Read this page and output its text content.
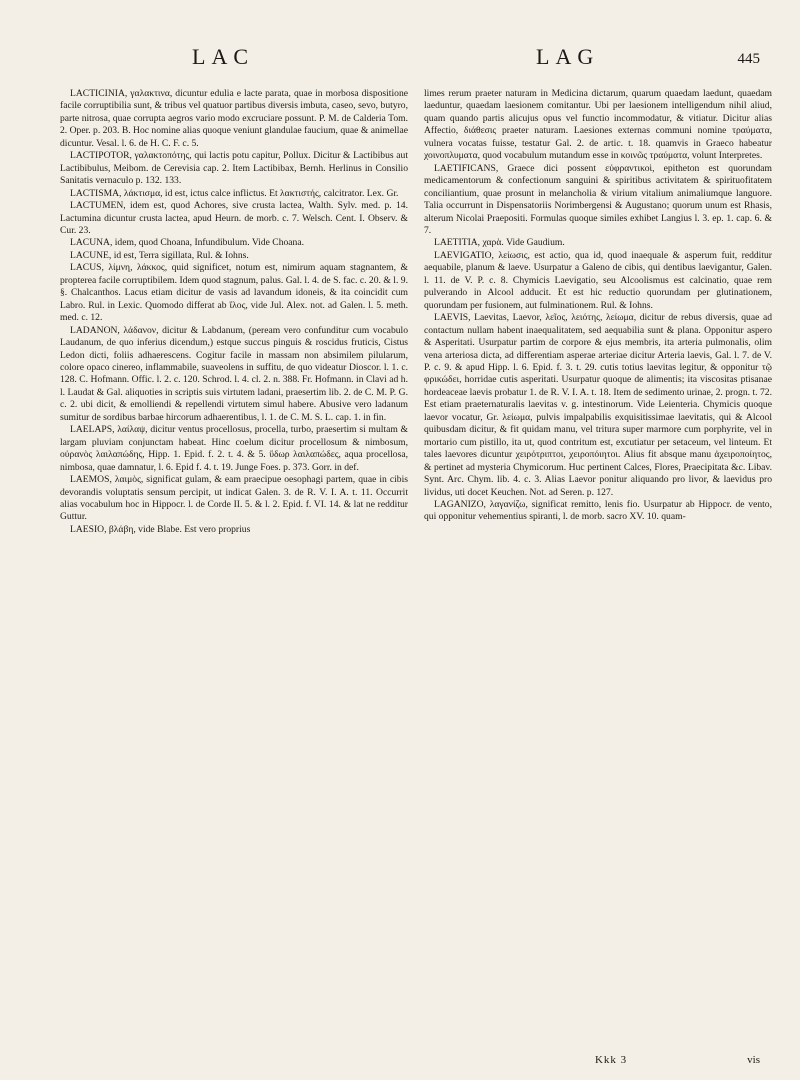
LAC	LAG	445

LACTICINIA, γαλακτινα, dicuntur edulia e lacte parata, quae in morbosa dispositione facile corruptibilia sunt, & tribus vel quatuor partibus diversis imbuta, caseo, sevo, butyro, parte nitrosa, quae corrupta aegros vario modo excruciare possunt. P. M. de Calderia Tom. 2. Oper. p. 203. B. Hoc nomine alias quoque veniunt glandulae faucium, quae & animellae dicuntur. Vesal. l. 6. de H. C. F. c. 5.

LACTIPOTOR, γαλακτοπότης, qui lactis potu capitur, Pollux. Dicitur & Lactibibus aut Lactibibulus, Meibom. de Cerevisia cap. 2. Item Lactibibax, Bernh. Herlinus in Consilio Sanitatis vernaculo p. 132. 133.

LACTISMA, λάκτισμα, id est, ictus calce inflictus. Et λακτιστής, calcitrator. Lex. Gr.

LACTUMEN, idem est, quod Achores, sive crusta lactea, Walth. Sylv. med. p. 14. Lactumina dicuntur crusta lactea, apud Heurn. de morb. c. 7. Welsch. Cent. I. Observ. & Cur. 23.

LACUNA, idem, quod Choana, Infundibulum. Vide Choana.

LACUNE, id est, Terra sigillata, Rul. & Iohns.

LACUS, λίμνη, λάκκος, quid significet, notum est, nimirum aquam stagnantem, & propterea facile corruptibilem. Idem quod stagnum, palus. Gal. l. 4. de S. fac. c. 20. & l. 9. §. Chalcanthos. Lacus etiam dicitur de vasis ad lavandum idoneis, & ita coincidit cum Labro. Rul. in Lexic. Quomodo differat ab ἴλος, vide Jul. Alex. not. ad Galen. l. 5. meth. med. c. 12.

LADANON, λάδανον, dicitur & Labdanum, (peream vero confunditur cum vocabulo Laudanum, de quo inferius dicendum,) estque succus pinguis & roscidus fruticis, Cistus Ledon dicti, foliis adhaerescens. Cogitur facile in massam non absimilem pilularum, colore opaco cinereo, inflammabile, suaveolens in suffitu, de quo videatur Dioscor. l. 1. c. 128. C. Hofmann. Offic. l. 2. c. 120. Schrod. l. 4. cl. 2. n. 388. Fr. Hofmann. in Clavi ad h. l. Laudat & Gal. aliquoties in scriptis suis virtutem ladani, praesertim lib. 2. de C. M. P. G. c. 2. ubi dicit, & emolliendi & repellendi virtutem simul habere. Abusive vero ladanum sumitur de sordibus barbae hircorum adhaerentibus, l. 1. de C. M. S. L. cap. 1. in fin.

LAELAPS, λαίλαψ, dicitur ventus procellosus, procella, turbo, praesertim si multam & largam pluviam conjunctam habeat. Hinc coelum dicitur procellosum & nimbosum, οὐρανὸς λαιλαπώδης, Hipp. 1. Epid. f. 2. t. 4. & 5. ὕδωρ λαιλαπώδες, aqua procellosa, nimbosa, quae damnatur, l. 6. Epid f. 4. t. 19. Junge Foes. p. 373. Gorr. in def.

LAEMOS, λαιμὸς, significat gulam, & eam praecipue oesophagi partem, quae in cibis devorandis voluptatis sensum percipit, ut indicat Galen. 3. de R. V. I. A. t. 11. Occurrit alias vocabulum hoc in Hippocr. l. de Corde II. 5. & l. 2. Epid. f. VI. 14. & lat ne redditur Guttur.

LAESIO, βλάβη, vide Blabe. Est vero proprius

limes rerum praeter naturam in Medicina dictarum, quarum quaedam laedunt, quaedam laeduntur, quaedam laesionem comitantur. Ubi per laesionem intelligendum nihil aliud, quam quando partis alicujus opus vel functio incommodatur, & vitiatur. Dicitur alias Affectio, διάθεσις praeter naturam. Laesiones externas communi nomine τραύματα, vulnera vocatas fuisse, testatur Gal. 2. de artic. t. 18. quamvis in Graeco habeatur χοινοπλυματα, quod vocabulum mutandum esse in κοινῶς τραύματα, volunt Interpretes.

LAETIFICANS, Graece dici possent εὐφραντικοὶ, epitheton est quorundam medicamentorum & confectionum sanguini & spiritibus activitatem & spirituofitatem conciliantium, quae prosunt in melancholia & virium vitalium animaliumque languore. Talia occurrunt in Dispensatoriis Norimbergensi & Augustano; quorum unum est Rhasis, alterum Nicolai Praepositi. Formulas quoque similes exhibet Langius l. 3. ep. 1. cap. 6. & 7.

LAETITIA, χαρὰ. Vide Gaudium.

LAEVIGATIO, λείωσις, est actio, qua id, quod inaequale & asperum fuit, redditur aequabile, planum & laeve. Usurpatur a Galeno de cibis, qui dentibus laevigantur, Galen. l. 11. de V. P. c. 8. Chymicis Laevigatio, seu Alcoolismus est calcinatio, quae rem pulverando in Alcool adducit. Et est hic reductio quorundam per glutinationem, quorundam per fusionem, aut fulminationem. Rul. & Iohns.

LAEVIS, Laevitas, Laevor, λεῖος, λειότης, λείωμα, dicitur de rebus diversis, quae ad contactum nullam habent inaequalitatem, sed aequabilia sunt & plana. Opponitur aspero & Asperitati. Usurpatur partim de corpore & ejus membris, ita arteria pulmonalis, olim vena arteriosa dicta, ad differentiam asperae arteriae dicitur Arteria laevis, Gal. l. 7. de V. P. c. 9. & apud Hipp. l. 6. Epid. f. 3. t. 29. cutis totius laevitas legitur, & opponitur τῷ φρικώδει, horridae cutis asperitati. Usurpatur quoque de alimentis; ita viscositas ptisanae hordeaceae laevis probatur 1. de R. V. I. A. t. 18. Item de sedimento urinae, 2. progn. t. 72. Est etiam praeternaturalis laevitas v. g. intestinorum. Vide Leienteria. Chymicis quoque laevor vocatur, Gr. λείωμα, pulvis impalpabilis exquisitissimae laevitatis, qui & Alcool quibusdam dicitur, & fit quidam manu, vel tritura super marmore cum porphyrite, vel in mortario cum pistillo, ita ut, quod contritum est, excutiatur per setaceum, vel linteum. Et tales laevores dicuntur χειρότριπτοι, χειροπόιητοι. Alius fit absque manu ἀχειροποίητος, & pertinet ad mysteria Chymicorum. Huc pertinent Calces, Flores, Praecipitata &c. Libav. Synt. Arc. Chym. lib. 4. c. 3. Alias Laevor ponitur aliquando pro livor, & laevidus pro lividus, uti docet Keuchen. Not. ad Seren. p. 127.

LAGANIZO, λαγανίζω, significat remitto, lenis fio. Usurpatur ab Hippocr. de vento, qui opponitur vehementius spiranti, l. de morb. sacro XV. 10. quam-

Kkk 3	vis
